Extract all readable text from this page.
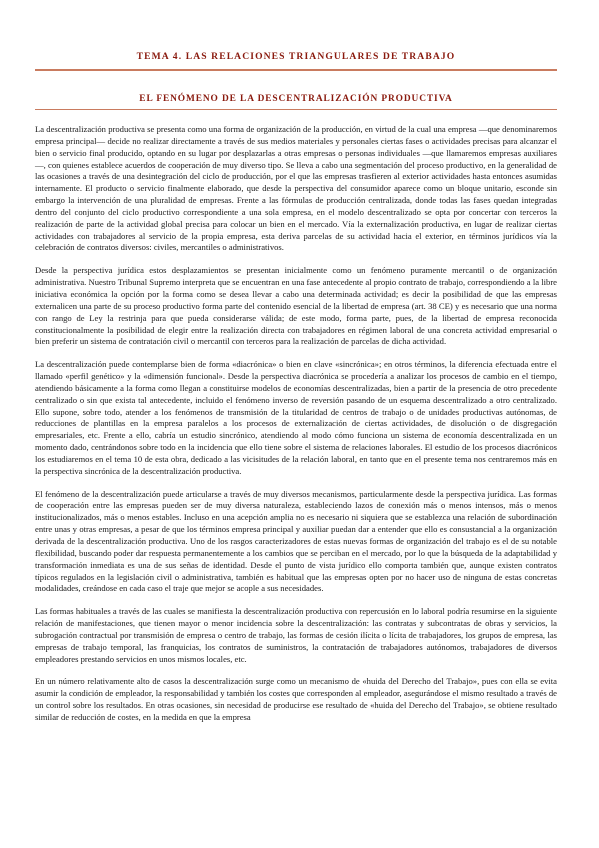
TEMA 4. LAS RELACIONES TRIANGULARES DE TRABAJO
EL FENÓMENO DE LA DESCENTRALIZACIÓN PRODUCTIVA

La descentralización productiva se presenta como una forma de organización de la producción, en virtud de la cual una empresa —que denominaremos empresa principal— decide no realizar directamente a través de sus medios materiales y personales ciertas fases o actividades precisas para alcanzar el bien o servicio final producido, optando en su lugar por desplazarlas a otras empresas o personas individuales —que llamaremos empresas auxiliares—, con quienes establece acuerdos de cooperación de muy diverso tipo. Se lleva a cabo una segmentación del proceso productivo, en la generalidad de las ocasiones a través de una desintegración del ciclo de producción, por el que las empresas trasfieren al exterior actividades hasta entonces asumidas internamente. El producto o servicio finalmente elaborado, que desde la perspectiva del consumidor aparece como un bloque unitario, esconde sin embargo la intervención de una pluralidad de empresas. Frente a las fórmulas de producción centralizada, donde todas las fases quedan integradas dentro del conjunto del ciclo productivo correspondiente a una sola empresa, en el modelo descentralizado se opta por concertar con terceros la realización de parte de la actividad global precisa para colocar un bien en el mercado. Vía la externalización productiva, en lugar de realizar ciertas actividades con trabajadores al servicio de la propia empresa, esta deriva parcelas de su actividad hacia el exterior, en términos jurídicos vía la celebración de contratos diversos: civiles, mercantiles o administrativos.

Desde la perspectiva jurídica estos desplazamientos se presentan inicialmente como un fenómeno puramente mercantil o de organización administrativa. Nuestro Tribunal Supremo interpreta que se encuentran en una fase antecedente al propio contrato de trabajo, correspondiendo a la libre iniciativa económica la opción por la forma como se desea llevar a cabo una determinada actividad; es decir la posibilidad de que las empresas externalicen una parte de su proceso productivo forma parte del contenido esencial de la libertad de empresa (art. 38 CE) y es necesario que una norma con rango de Ley la restrinja para que pueda considerarse válida; de este modo, forma parte, pues, de la libertad de empresa reconocida constitucionalmente la posibilidad de elegir entre la realización directa con trabajadores en régimen laboral de una concreta actividad empresarial o bien preferir un sistema de contratación civil o mercantil con terceros para la realización de parcelas de dicha actividad.

La descentralización puede contemplarse bien de forma «diacrónica» o bien en clave «sincrónica»; en otros términos, la diferencia efectuada entre el llamado «perfil genético» y la «dimensión funcional». Desde la perspectiva diacrónica se procedería a analizar los procesos de cambio en el tiempo, atendiendo básicamente a la forma como llegan a constituirse modelos de economías descentralizadas, bien a partir de la presencia de otro precedente centralizado o sin que exista tal antecedente, incluido el fenómeno inverso de reversión pasando de un esquema descentralizado a otro centralizado. Ello supone, sobre todo, atender a los fenómenos de transmisión de la titularidad de centros de trabajo o de unidades productivas autónomas, de reducciones de plantillas en la empresa paralelos a los procesos de externalización de ciertas actividades, de disolución o de disgregación empresariales, etc. Frente a ello, cabría un estudio sincrónico, atendiendo al modo cómo funciona un sistema de economía descentralizada en un momento dado, centrándonos sobre todo en la incidencia que ello tiene sobre el sistema de relaciones laborales. El estudio de los procesos diacrónicos los estudiaremos en el tema 10 de esta obra, dedicado a las vicisitudes de la relación laboral, en tanto que en el presente tema nos centraremos más en la perspectiva sincrónica de la descentralización productiva.

El fenómeno de la descentralización puede articularse a través de muy diversos mecanismos, particularmente desde la perspectiva jurídica. Las formas de cooperación entre las empresas pueden ser de muy diversa naturaleza, estableciendo lazos de conexión más o menos intensos, más o menos institucionalizados, más o menos estables. Incluso en una acepción amplia no es necesario ni siquiera que se establezca una relación de subordinación entre unas y otras empresas, a pesar de que los términos empresa principal y auxiliar puedan dar a entender que ello es consustancial a la organización derivada de la descentralización productiva. Uno de los rasgos caracterizadores de estas nuevas formas de organización del trabajo es el de su notable flexibilidad, buscando poder dar respuesta permanentemente a los cambios que se perciban en el mercado, por lo que la búsqueda de la adaptabilidad y transformación inmediata es una de sus señas de identidad. Desde el punto de vista jurídico ello comporta también que, aunque existen contratos típicos regulados en la legislación civil o administrativa, también es habitual que las empresas opten por no hacer uso de ninguna de estas concretas modalidades, creándose en cada caso el traje que mejor se acople a sus necesidades.

Las formas habituales a través de las cuales se manifiesta la descentralización productiva con repercusión en lo laboral podría resumirse en la siguiente relación de manifestaciones, que tienen mayor o menor incidencia sobre la descentralización: las contratas y subcontratas de obras y servicios, la subrogación contractual por transmisión de empresa o centro de trabajo, las formas de cesión ilícita o lícita de trabajadores, los grupos de empresa, las empresas de trabajo temporal, las franquicias, los contratos de suministros, la contratación de trabajadores autónomos, trabajadores de diversos empleadores prestando servicios en unos mismos locales, etc.

En un número relativamente alto de casos la descentralización surge como un mecanismo de «huida del Derecho del Trabajo», pues con ella se evita asumir la condición de empleador, la responsabilidad y también los costes que corresponden al empleador, asegurándose el mismo resultado a través de un control sobre los resultados. En otras ocasiones, sin necesidad de producirse ese resultado de «huida del Derecho del Trabajo», se obtiene resultado similar de reducción de costes, en la medida en que la empresa
